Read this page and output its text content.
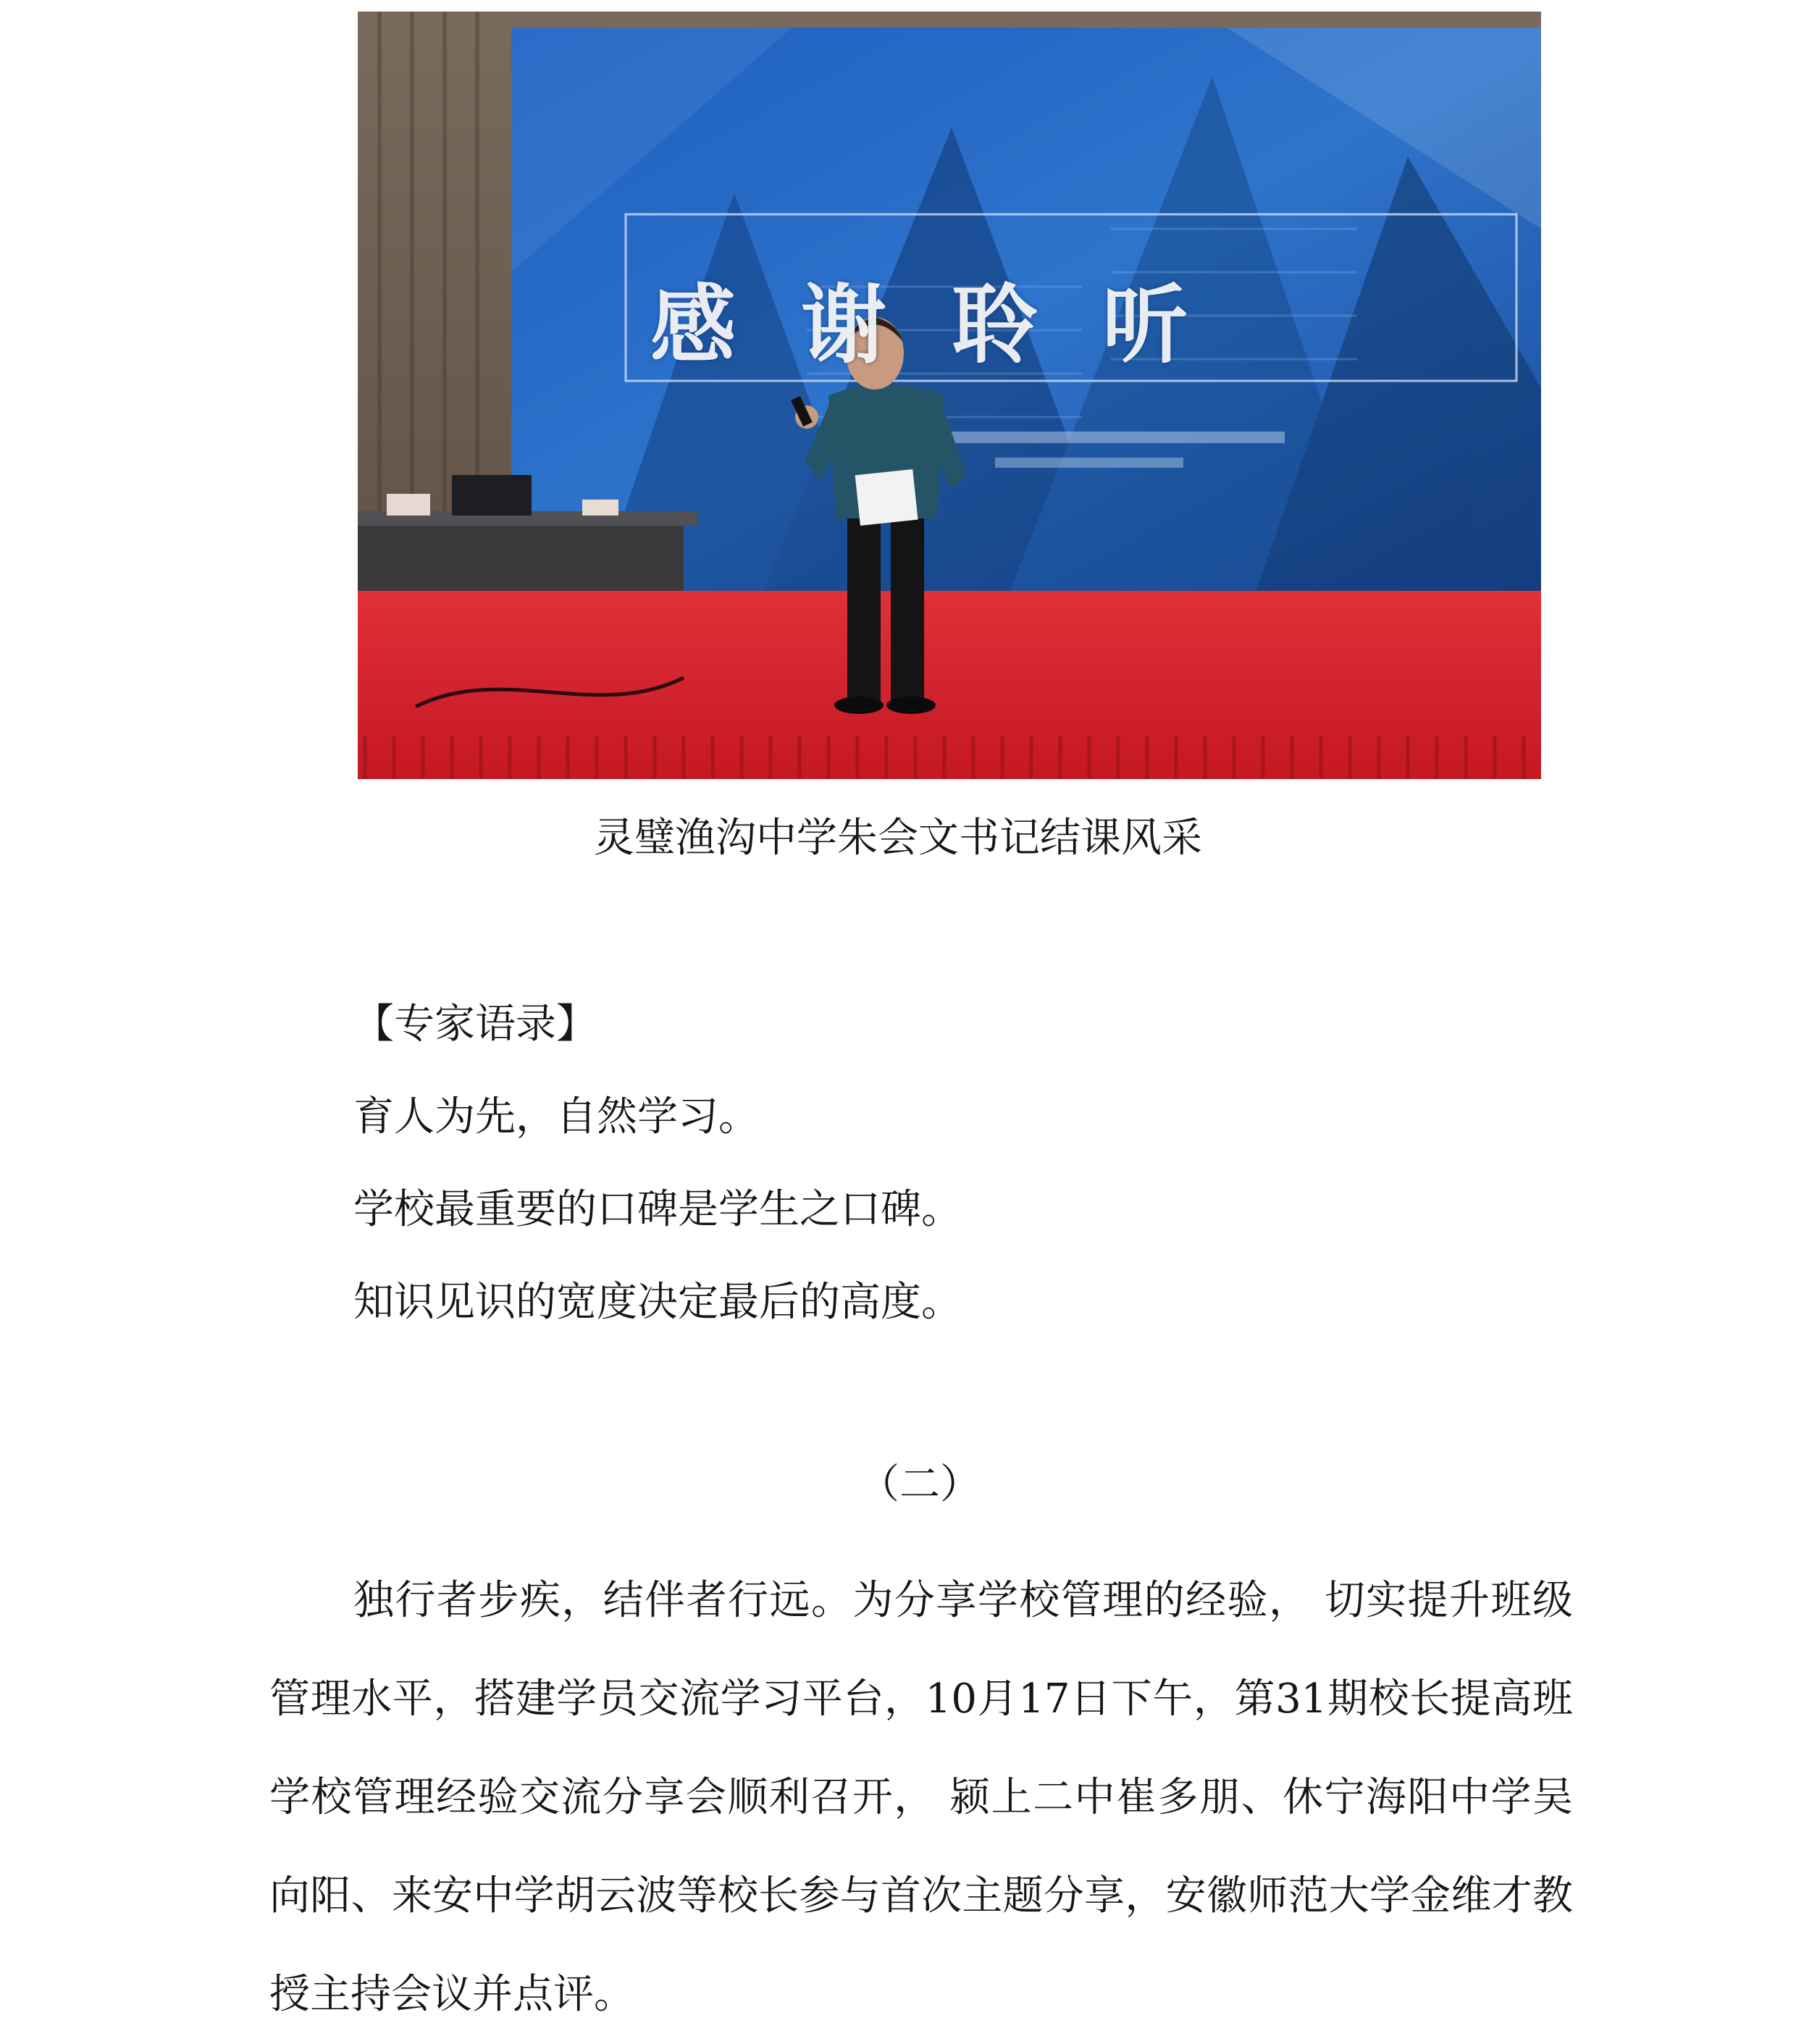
感谢聆听
灵璧渔沟中学朱会文书记结课风采
【专家语录】
育人为先，自然学习。
学校最重要的口碑是学生之口碑。
知识见识的宽度决定最后的高度。
（二）
独行者步疾，结伴者行远。为分享学校管理的经验， 切实提升班级管理水平，搭建学员交流学习平台，10月17日下午，第31期校长提高班学校管理经验交流分享会顺利召开， 颍上二中崔多朋、休宁海阳中学吴向阳、来安中学胡云波等校长参与首次主题分享，安徽师范大学金维才教授主持会议并点评。
